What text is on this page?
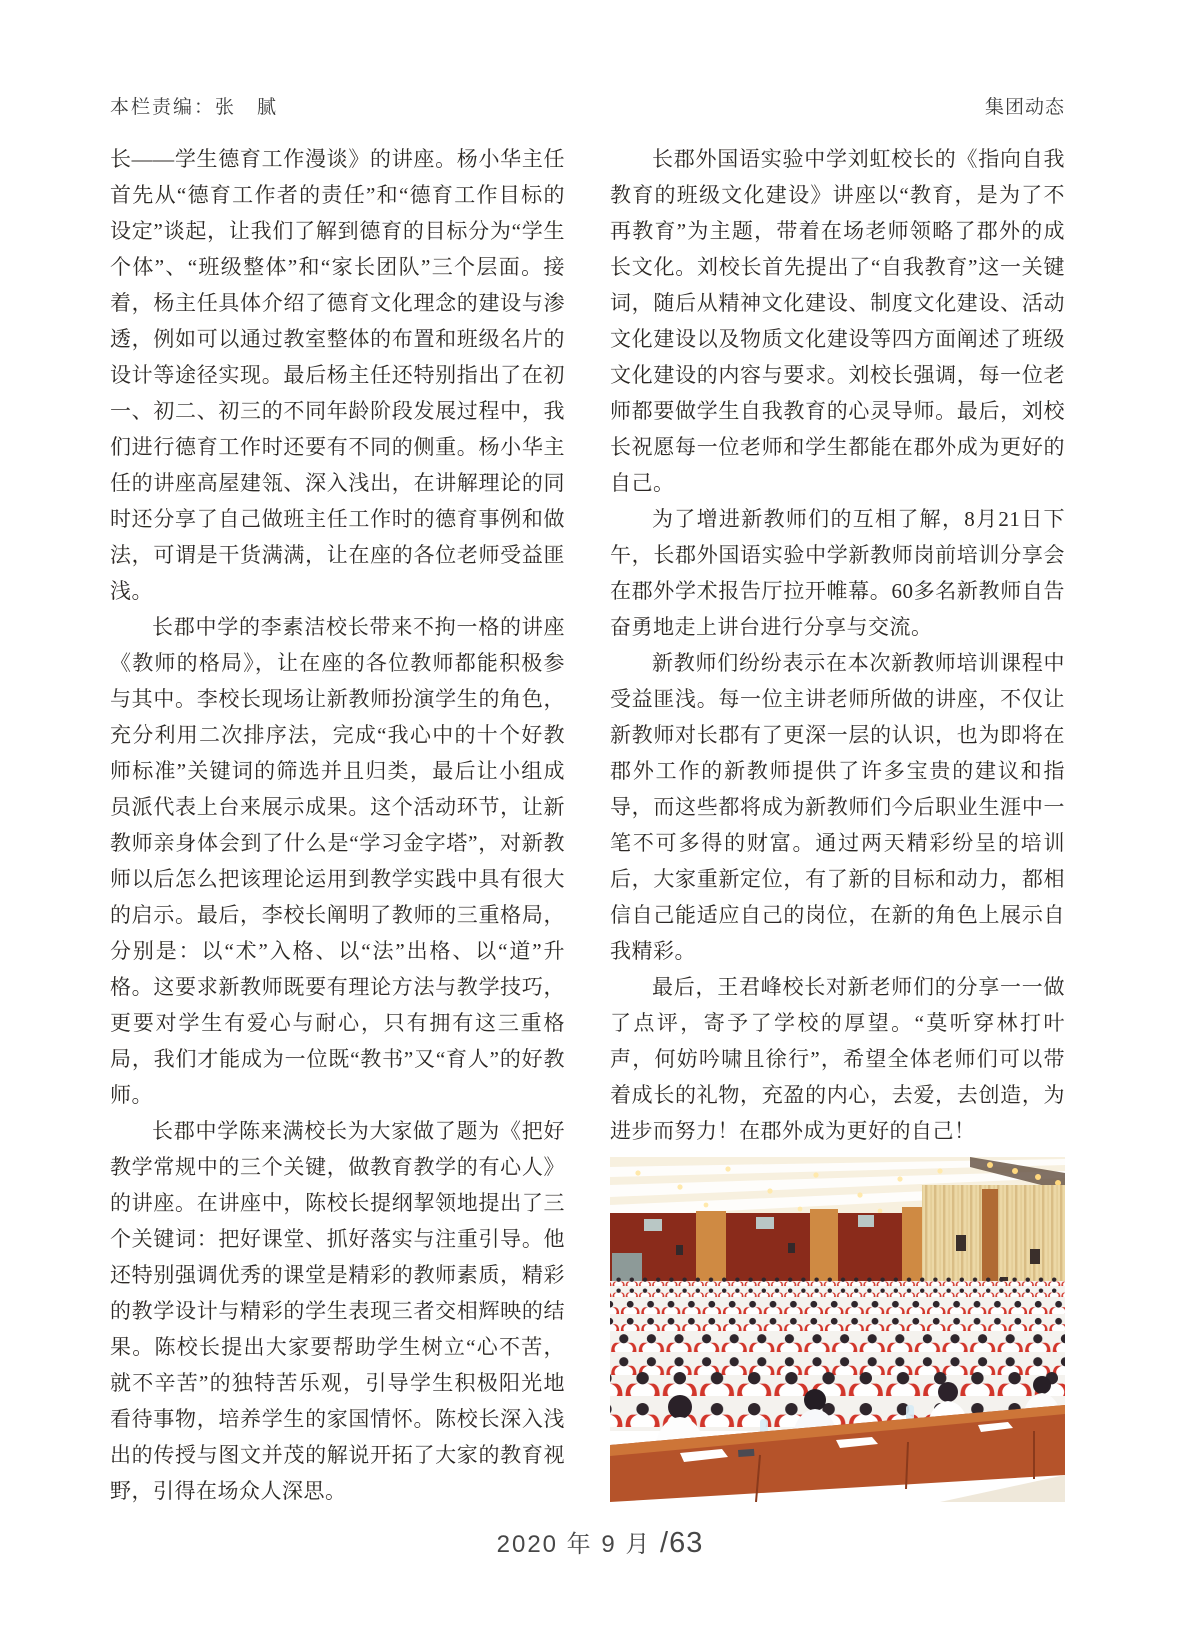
本栏责编：张　腻	集团动态

长——学生德育工作漫谈》的讲座。杨小华主任首先从“德育工作者的责任”和“德育工作目标的设定”谈起，让我们了解到德育的目标分为“学生个体”、“班级整体”和“家长团队”三个层面。接着，杨主任具体介绍了德育文化理念的建设与渗透，例如可以通过教室整体的布置和班级名片的设计等途径实现。最后杨主任还特别指出了在初一、初二、初三的不同年龄阶段发展过程中，我们进行德育工作时还要有不同的侧重。杨小华主任的讲座高屋建瓴、深入浅出，在讲解理论的同时还分享了自己做班主任工作时的德育事例和做法，可谓是干货满满，让在座的各位老师受益匪浅。

长郡中学的李素洁校长带来不拘一格的讲座《教师的格局》，让在座的各位教师都能积极参与其中。李校长现场让新教师扮演学生的角色，充分利用二次排序法，完成“我心中的十个好教师标准”关键词的筛选并且归类，最后让小组成员派代表上台来展示成果。这个活动环节，让新教师亲身体会到了什么是“学习金字塔”，对新教师以后怎么把该理论运用到教学实践中具有很大的启示。最后，李校长阐明了教师的三重格局，分别是：以“术”入格、以“法”出格、以“道”升格。这要求新教师既要有理论方法与教学技巧，更要对学生有爱心与耐心，只有拥有这三重格局，我们才能成为一位既“教书”又“育人”的好教师。

长郡中学陈来满校长为大家做了题为《把好教学常规中的三个关键，做教育教学的有心人》的讲座。在讲座中，陈校长提纲挈领地提出了三个关键词：把好课堂、抓好落实与注重引导。他还特别强调优秀的课堂是精彩的教师素质，精彩的教学设计与精彩的学生表现三者交相辉映的结果。陈校长提出大家要帮助学生树立“心不苦，就不辛苦”的独特苦乐观，引导学生积极阳光地看待事物，培养学生的家国情怀。陈校长深入浅出的传授与图文并茂的解说开拓了大家的教育视野，引得在场众人深思。

长郡外国语实验中学刘虹校长的《指向自我教育的班级文化建设》讲座以“教育，是为了不再教育”为主题，带着在场老师领略了郡外的成长文化。刘校长首先提出了“自我教育”这一关键词，随后从精神文化建设、制度文化建设、活动文化建设以及物质文化建设等四方面阐述了班级文化建设的内容与要求。刘校长强调，每一位老师都要做学生自我教育的心灵导师。最后，刘校长祝愿每一位老师和学生都能在郡外成为更好的自己。

为了增进新教师们的互相了解，8月21日下午，长郡外国语实验中学新教师岗前培训分享会在郡外学术报告厅拉开帷幕。60多名新教师自告奋勇地走上讲台进行分享与交流。

新教师们纷纷表示在本次新教师培训课程中受益匪浅。每一位主讲老师所做的讲座，不仅让新教师对长郡有了更深一层的认识，也为即将在郡外工作的新教师提供了许多宝贵的建议和指导，而这些都将成为新教师们今后职业生涯中一笔不可多得的财富。通过两天精彩纷呈的培训后，大家重新定位，有了新的目标和动力，都相信自己能适应自己的岗位，在新的角色上展示自我精彩。

最后，王君峰校长对新老师们的分享一一做了点评，寄予了学校的厚望。“莫听穿林打叶声，何妨吟啸且徐行”，希望全体老师们可以带着成长的礼物，充盈的内心，去爱，去创造，为进步而努力！在郡外成为更好的自己！

2020 年 9 月 /63
